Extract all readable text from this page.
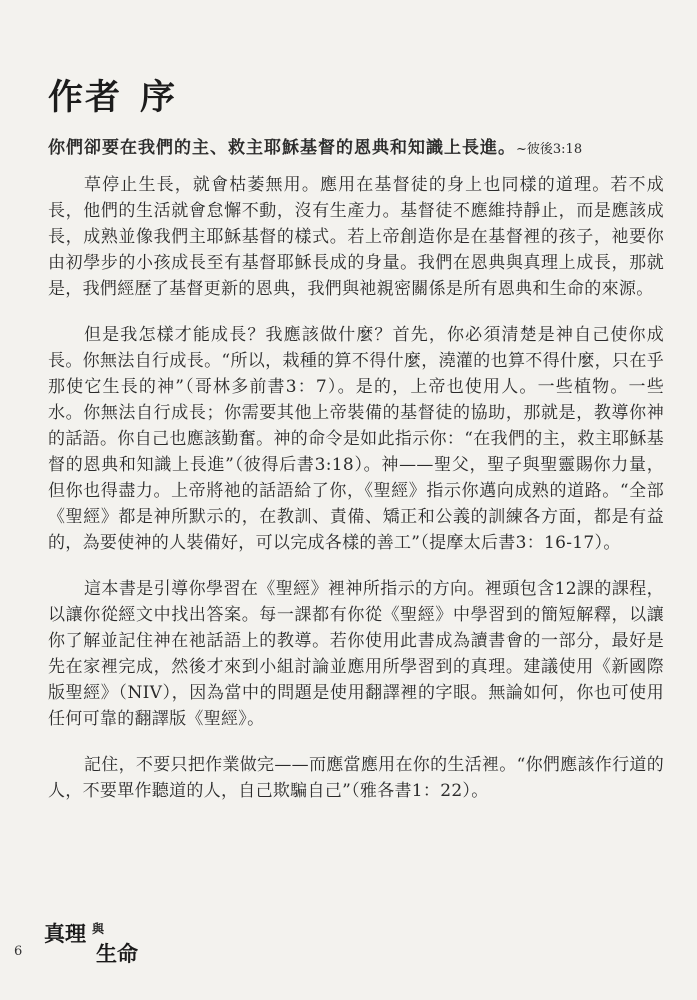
作者 序
你們卻要在我們的主、救主耶穌基督的恩典和知識上長進。~彼後3:18

草停止生長，就會枯萎無用。應用在基督徒的身上也同樣的道理。若不成長，他們的生活就會怠懈不動，沒有生產力。基督徒不應維持靜止，而是應該成長，成熟並像我們主耶穌基督的樣式。若上帝創造你是在基督裡的孩子，祂要你由初學步的小孩成長至有基督耶穌長成的身量。我們在恩典與真理上成長，那就是，我們經歷了基督更新的恩典，我們與祂親密關係是所有恩典和生命的來源。

但是我怎樣才能成長？我應該做什麼？首先，你必須清楚是神自己使你成長。你無法自行成長。“所以，栽種的算不得什麼，澆灌的也算不得什麼，只在乎那使它生長的神”（哥林多前書3：7）。是的，上帝也使用人。一些植物。一些水。你無法自行成長；你需要其他上帝裝備的基督徒的協助，那就是，教導你神的話語。你自己也應該勤奮。神的命令是如此指示你：“在我們的主，救主耶穌基督的恩典和知識上長進”（彼得后書3:18）。神——聖父，聖子與聖靈賜你力量，但你也得盡力。上帝將祂的話語給了你，《聖經》指示你邁向成熟的道路。“全部《聖經》都是神所默示的，在教訓、責備、矯正和公義的訓練各方面，都是有益的，為要使神的人裝備好，可以完成各樣的善工”（提摩太后書3：16-17）。

這本書是引導你學習在《聖經》裡神所指示的方向。裡頭包含12課的課程，以讓你從經文中找出答案。每一課都有你從《聖經》中學習到的簡短解釋，以讓你了解並記住神在祂話語上的教導。若你使用此書成為讀書會的一部分，最好是先在家裡完成，然後才來到小組討論並應用所學習到的真理。建議使用《新國際版聖經》（NIV），因為當中的問題是使用翻譯裡的字眼。無論如何，你也可使用任何可靠的翻譯版《聖經》。

記住，不要只把作業做完——而應當應用在你的生活裡。“你們應該作行道的人，不要單作聽道的人，自己欺騙自己”（雅各書1：22）。

6
真理 與
生命
